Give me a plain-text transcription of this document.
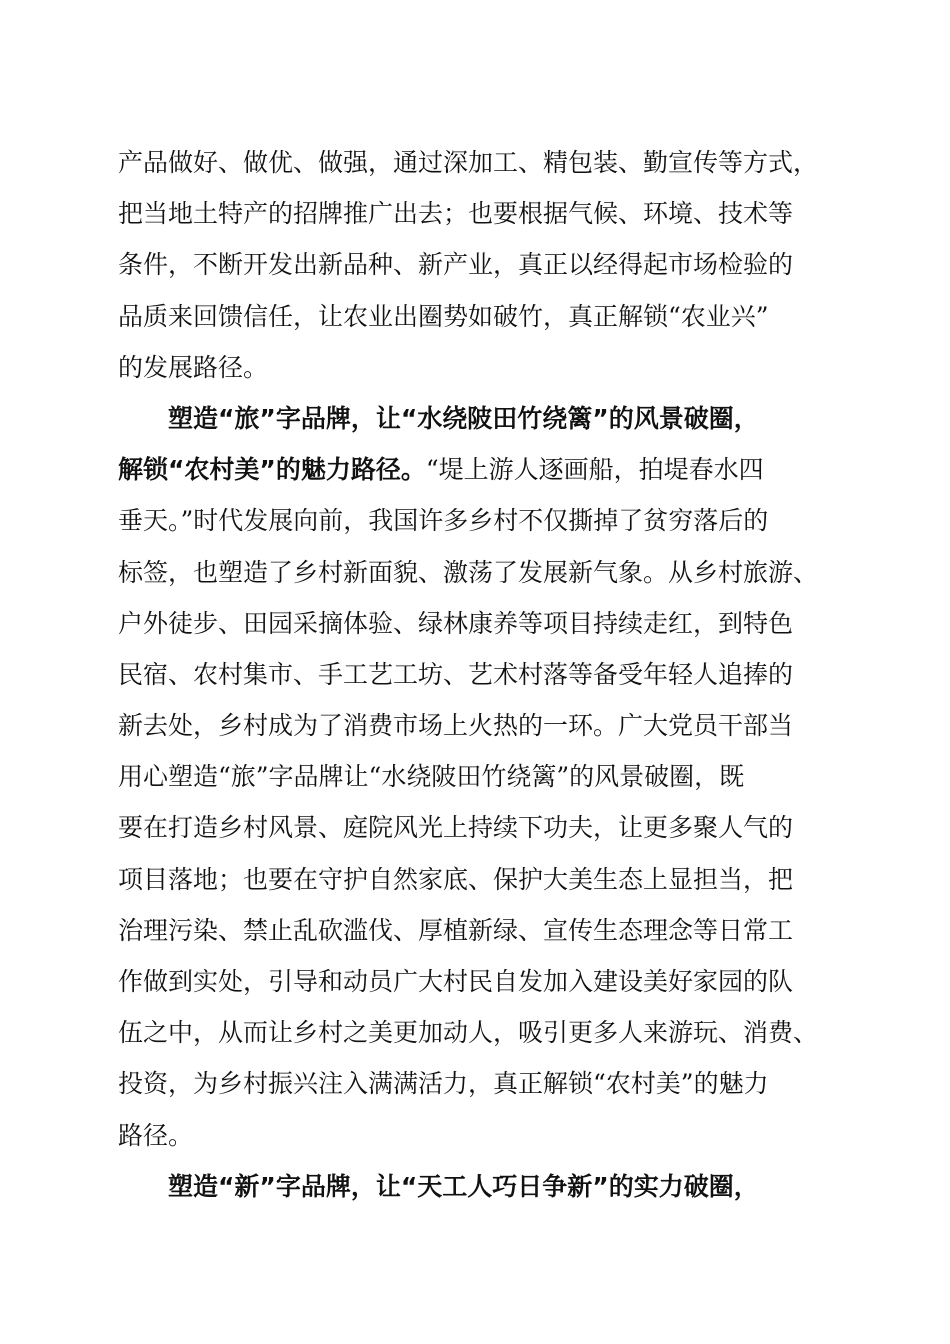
产品做好、做优、做强，通过深加工、精包装、勤宣传等方式，
把当地土特产的招牌推广出去；也要根据气候、环境、技术等
条件，不断开发出新品种、新产业，真正以经得起市场检验的
品质来回馈信任，让农业出圈势如破竹，真正解锁“农业兴”
的发展路径。
塑造“旅”字品牌，让“水绕陂田竹绕篱”的风景破圈，
解锁“农村美”的魅力路径。“堤上游人逐画船，拍堤春水四
垂天。”时代发展向前，我国许多乡村不仅撕掉了贫穷落后的
标签，也塑造了乡村新面貌、激荡了发展新气象。从乡村旅游、
户外徒步、田园采摘体验、绿林康养等项目持续走红，到特色
民宿、农村集市、手工艺工坊、艺术村落等备受年轻人追捧的
新去处，乡村成为了消费市场上火热的一环。广大党员干部当
用心塑造“旅”字品牌让“水绕陂田竹绕篱”的风景破圈，既
要在打造乡村风景、庭院风光上持续下功夫，让更多聚人气的
项目落地；也要在守护自然家底、保护大美生态上显担当，把
治理污染、禁止乱砍滥伐、厚植新绿、宣传生态理念等日常工
作做到实处，引导和动员广大村民自发加入建设美好家园的队
伍之中，从而让乡村之美更加动人，吸引更多人来游玩、消费、
投资，为乡村振兴注入满满活力，真正解锁“农村美”的魅力
路径。
塑造“新”字品牌，让“天工人巧日争新”的实力破圈，
